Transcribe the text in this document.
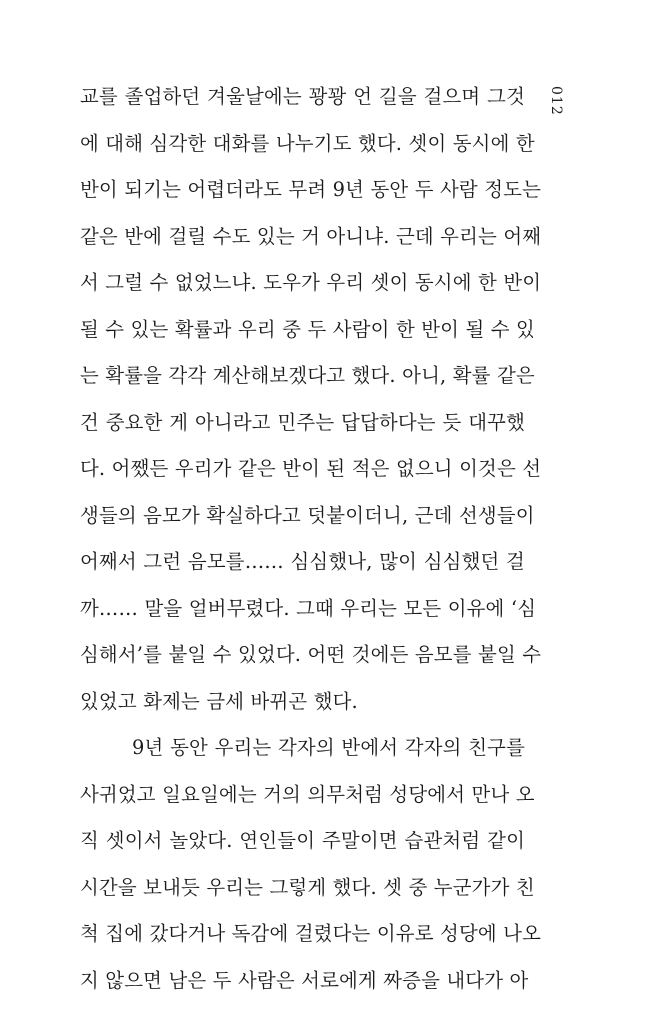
012
교를 졸업하던 겨울날에는 꽝꽝 언 길을 걸으며 그것
에 대해 심각한 대화를 나누기도 했다. 셋이 동시에 한
반이 되기는 어렵더라도 무려 9년 동안 두 사람 정도는
같은 반에 걸릴 수도 있는 거 아니냐. 근데 우리는 어째
서 그럴 수 없었느냐. 도우가 우리 셋이 동시에 한 반이
될 수 있는 확률과 우리 중 두 사람이 한 반이 될 수 있
는 확률을 각각 계산해보겠다고 했다. 아니, 확률 같은
건 중요한 게 아니라고 민주는 답답하다는 듯 대꾸했
다. 어쨌든 우리가 같은 반이 된 적은 없으니 이것은 선
생들의 음모가 확실하다고 덧붙이더니, 근데 선생들이
어째서 그런 음모를…… 심심했나, 많이 심심했던 걸
까…… 말을 얼버무렸다. 그때 우리는 모든 이유에 ‘심
심해서’를 붙일 수 있었다. 어떤 것에든 음모를 붙일 수
있었고 화제는 금세 바뀌곤 했다.
9년 동안 우리는 각자의 반에서 각자의 친구를
사귀었고 일요일에는 거의 의무처럼 성당에서 만나 오
직 셋이서 놀았다. 연인들이 주말이면 습관처럼 같이
시간을 보내듯 우리는 그렇게 했다. 셋 중 누군가가 친
척 집에 갔다거나 독감에 걸렸다는 이유로 성당에 나오
지 않으면 남은 두 사람은 서로에게 짜증을 내다가 아
